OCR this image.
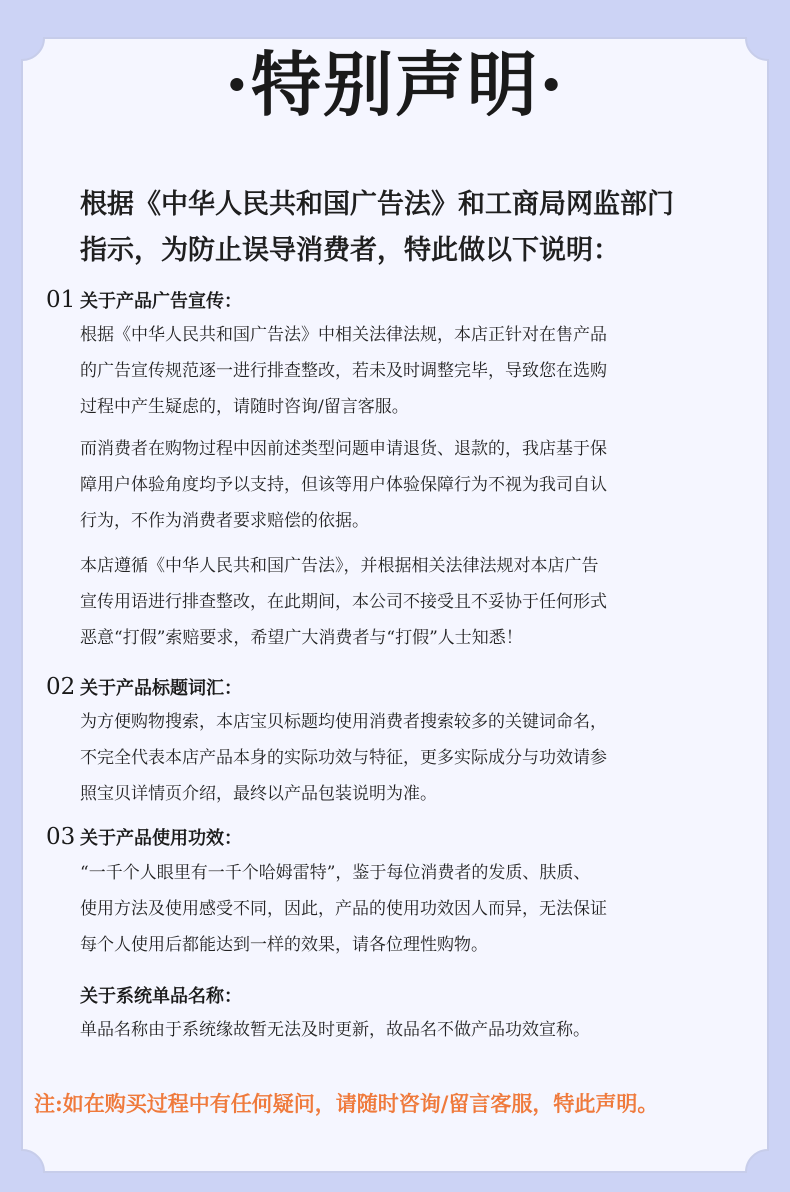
·特别声明·
根据《中华人民共和国广告法》和工商局网监部门
指示，为防止误导消费者，特此做以下说明：
01 关于产品广告宣传：
根据《中华人民共和国广告法》中相关法律法规，本店正针对在售产品
的广告宣传规范逐一进行排查整改，若未及时调整完毕，导致您在选购
过程中产生疑虑的，请随时咨询/留言客服。
而消费者在购物过程中因前述类型问题申请退货、退款的，我店基于保
障用户体验角度均予以支持，但该等用户体验保障行为不视为我司自认
行为，不作为消费者要求赔偿的依据。
本店遵循《中华人民共和国广告法》，并根据相关法律法规对本店广告
宣传用语进行排查整改，在此期间，本公司不接受且不妥协于任何形式
恶意“打假”索赔要求，希望广大消费者与“打假”人士知悉！
02 关于产品标题词汇：
为方便购物搜索，本店宝贝标题均使用消费者搜索较多的关键词命名，
不完全代表本店产品本身的实际功效与特征，更多实际成分与功效请参
照宝贝详情页介绍，最终以产品包装说明为准。
03 关于产品使用功效：
“一千个人眼里有一千个哈姆雷特”，鉴于每位消费者的发质、肤质、
使用方法及使用感受不同，因此，产品的使用功效因人而异，无法保证
每个人使用后都能达到一样的效果，请各位理性购物。
关于系统单品名称：
单品名称由于系统缘故暂无法及时更新，故品名不做产品功效宣称。
注:如在购买过程中有任何疑问，请随时咨询/留言客服，特此声明。
